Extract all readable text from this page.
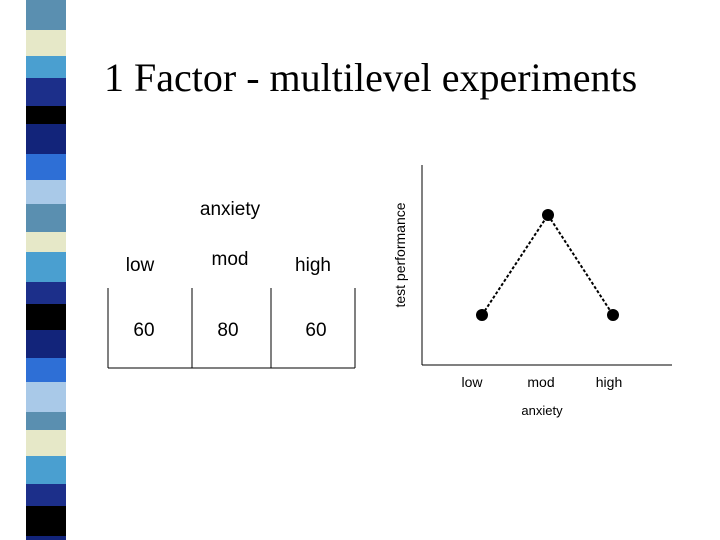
1 Factor - multilevel experiments
anxiety
low	mod high
60	80	60
low	mod	high
anxiety
test performance
